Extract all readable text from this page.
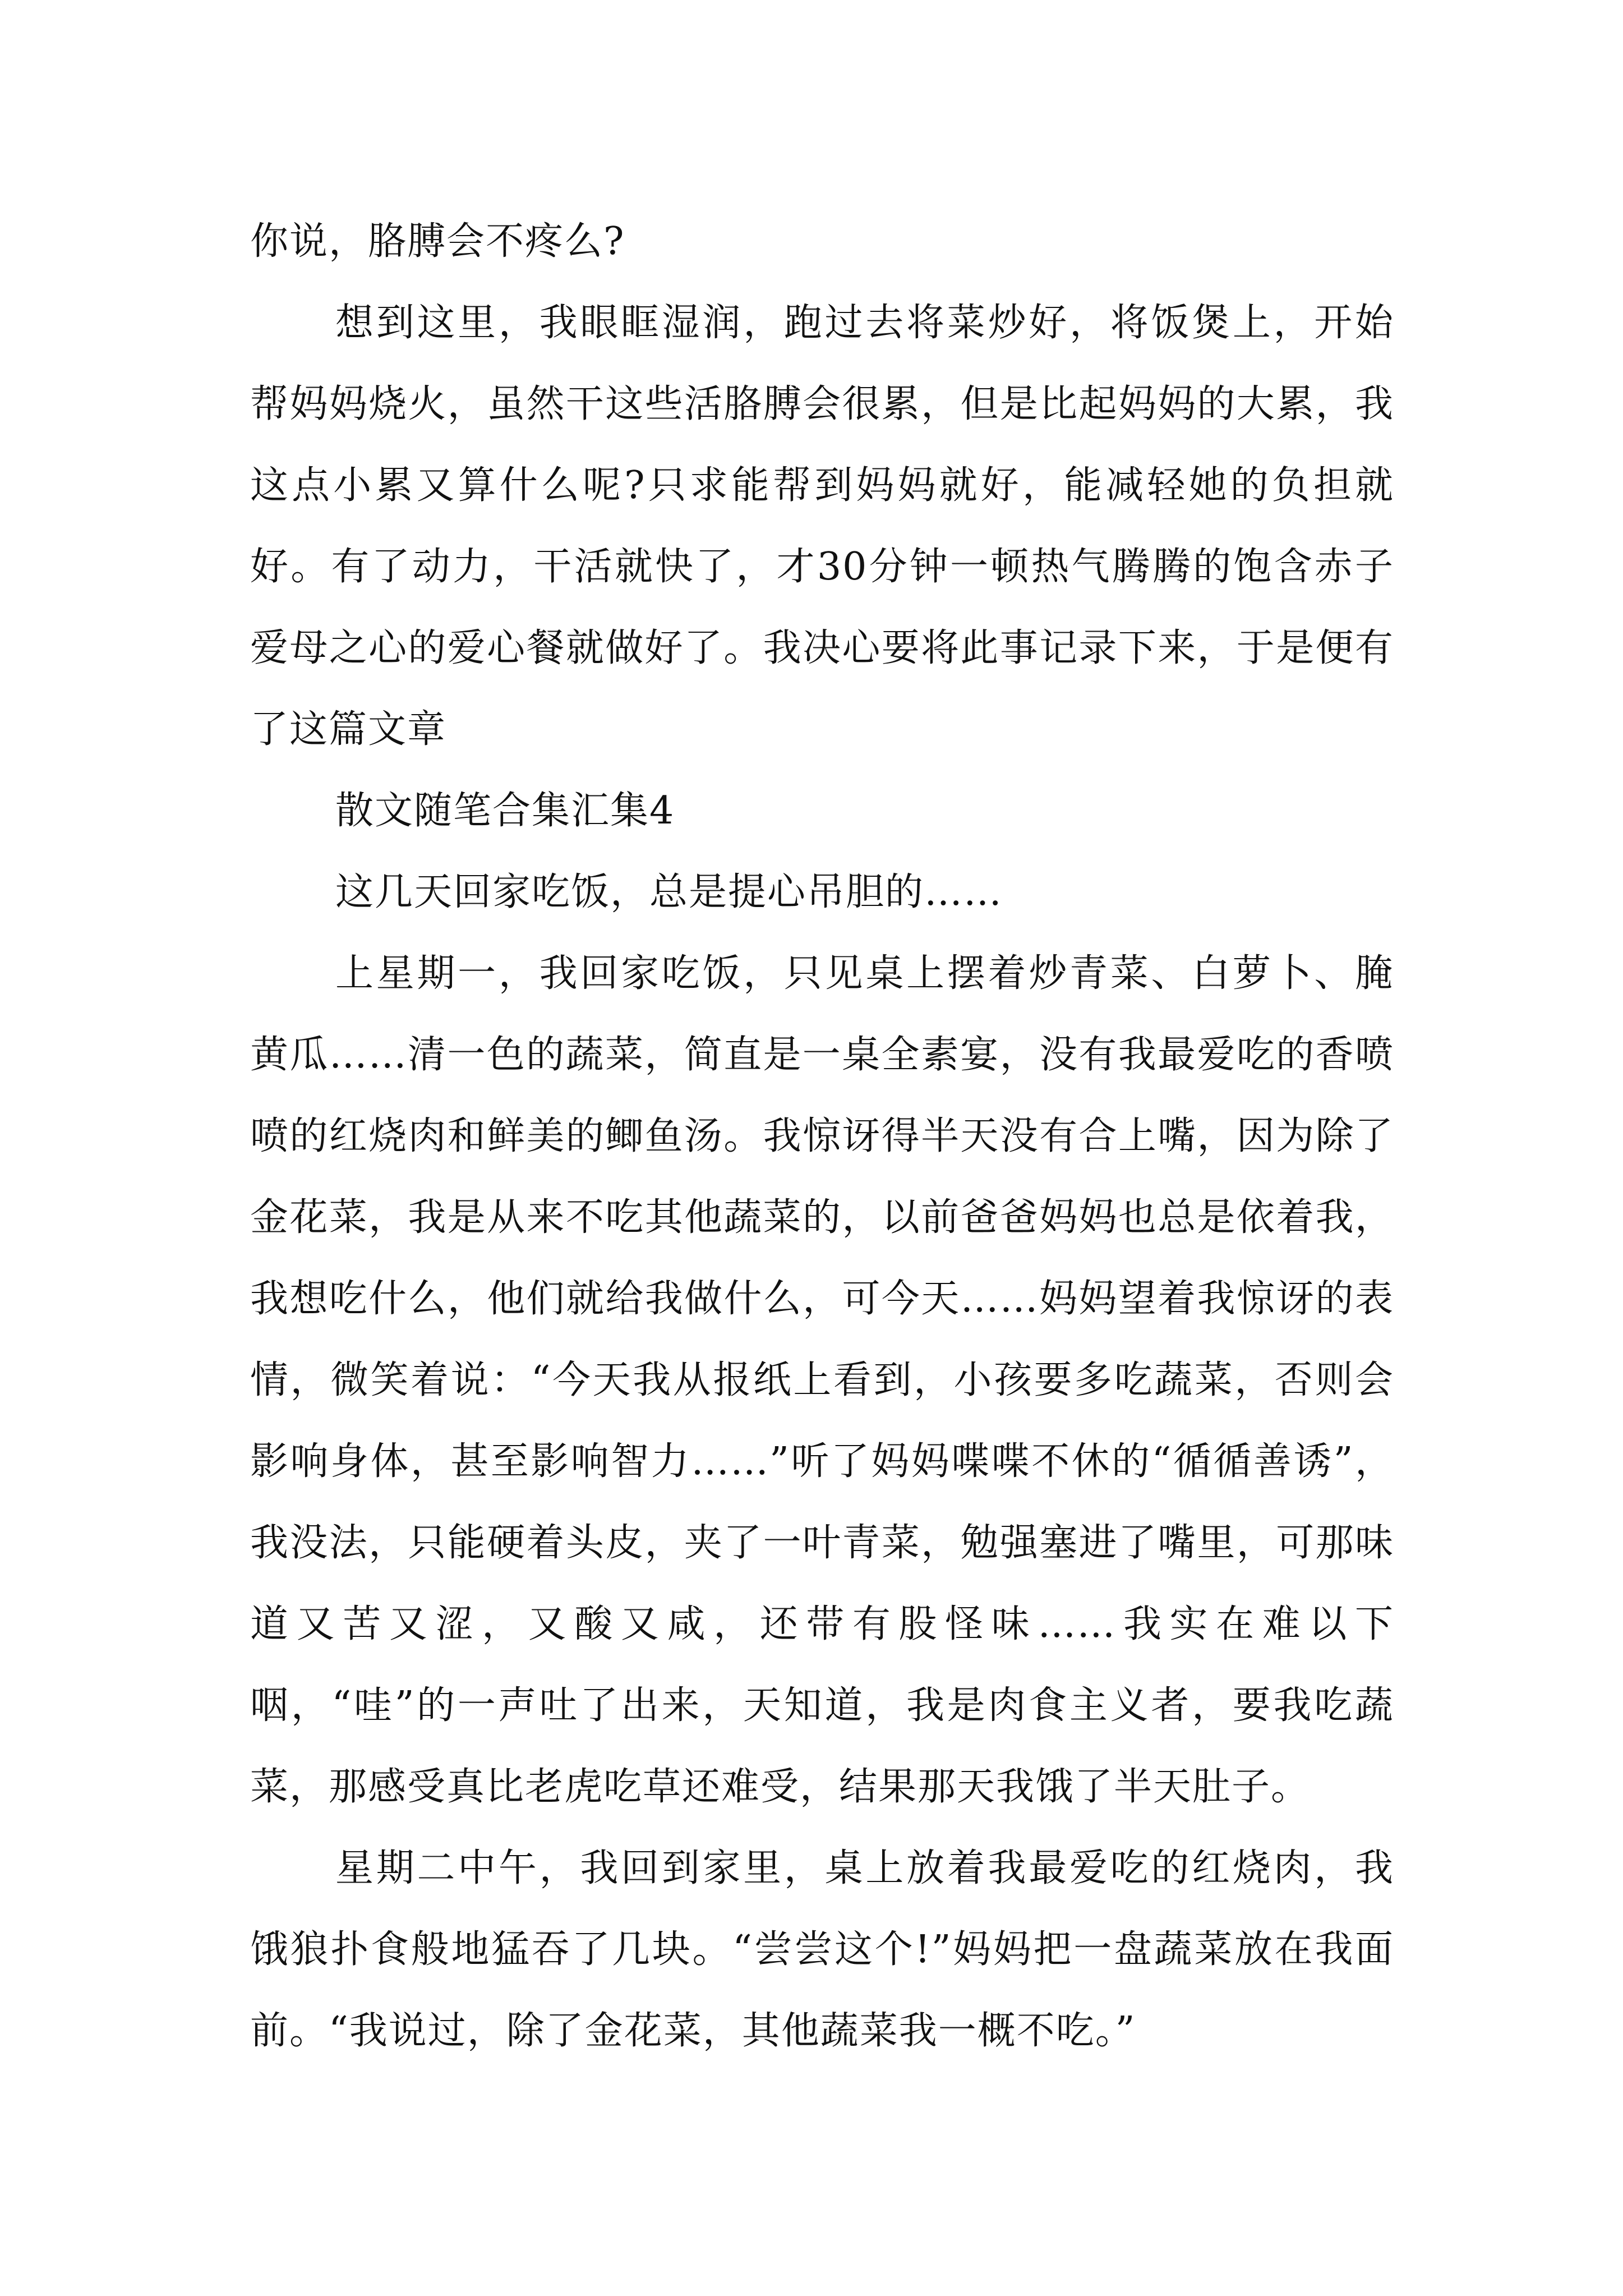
你说，胳膊会不疼么?

想到这里，我眼眶湿润，跑过去将菜炒好，将饭煲上，开始帮妈妈烧火，虽然干这些活胳膊会很累，但是比起妈妈的大累，我这点小累又算什么呢?只求能帮到妈妈就好，能减轻她的负担就好。有了动力，干活就快了，才30分钟一顿热气腾腾的饱含赤子爱母之心的爱心餐就做好了。我决心要将此事记录下来，于是便有了这篇文章

散文随笔合集汇集4

这几天回家吃饭，总是提心吊胆的……

上星期一，我回家吃饭，只见桌上摆着炒青菜、白萝卜、腌黄瓜……清一色的蔬菜，简直是一桌全素宴，没有我最爱吃的香喷喷的红烧肉和鲜美的鲫鱼汤。我惊讶得半天没有合上嘴，因为除了金花菜，我是从来不吃其他蔬菜的，以前爸爸妈妈也总是依着我，我想吃什么，他们就给我做什么，可今天……妈妈望着我惊讶的表情，微笑着说：“今天我从报纸上看到，小孩要多吃蔬菜，否则会影响身体，甚至影响智力……”听了妈妈喋喋不休的“循循善诱”，我没法，只能硬着头皮，夹了一叶青菜，勉强塞进了嘴里，可那味道又苦又涩，又酸又咸，还带有股怪味……我实在难以下咽，“哇”的一声吐了出来，天知道，我是肉食主义者，要我吃蔬菜，那感受真比老虎吃草还难受，结果那天我饿了半天肚子。

星期二中午，我回到家里，桌上放着我最爱吃的红烧肉，我饿狼扑食般地猛吞了几块。“尝尝这个!”妈妈把一盘蔬菜放在我面前。“我说过，除了金花菜，其他蔬菜我一概不吃。”
